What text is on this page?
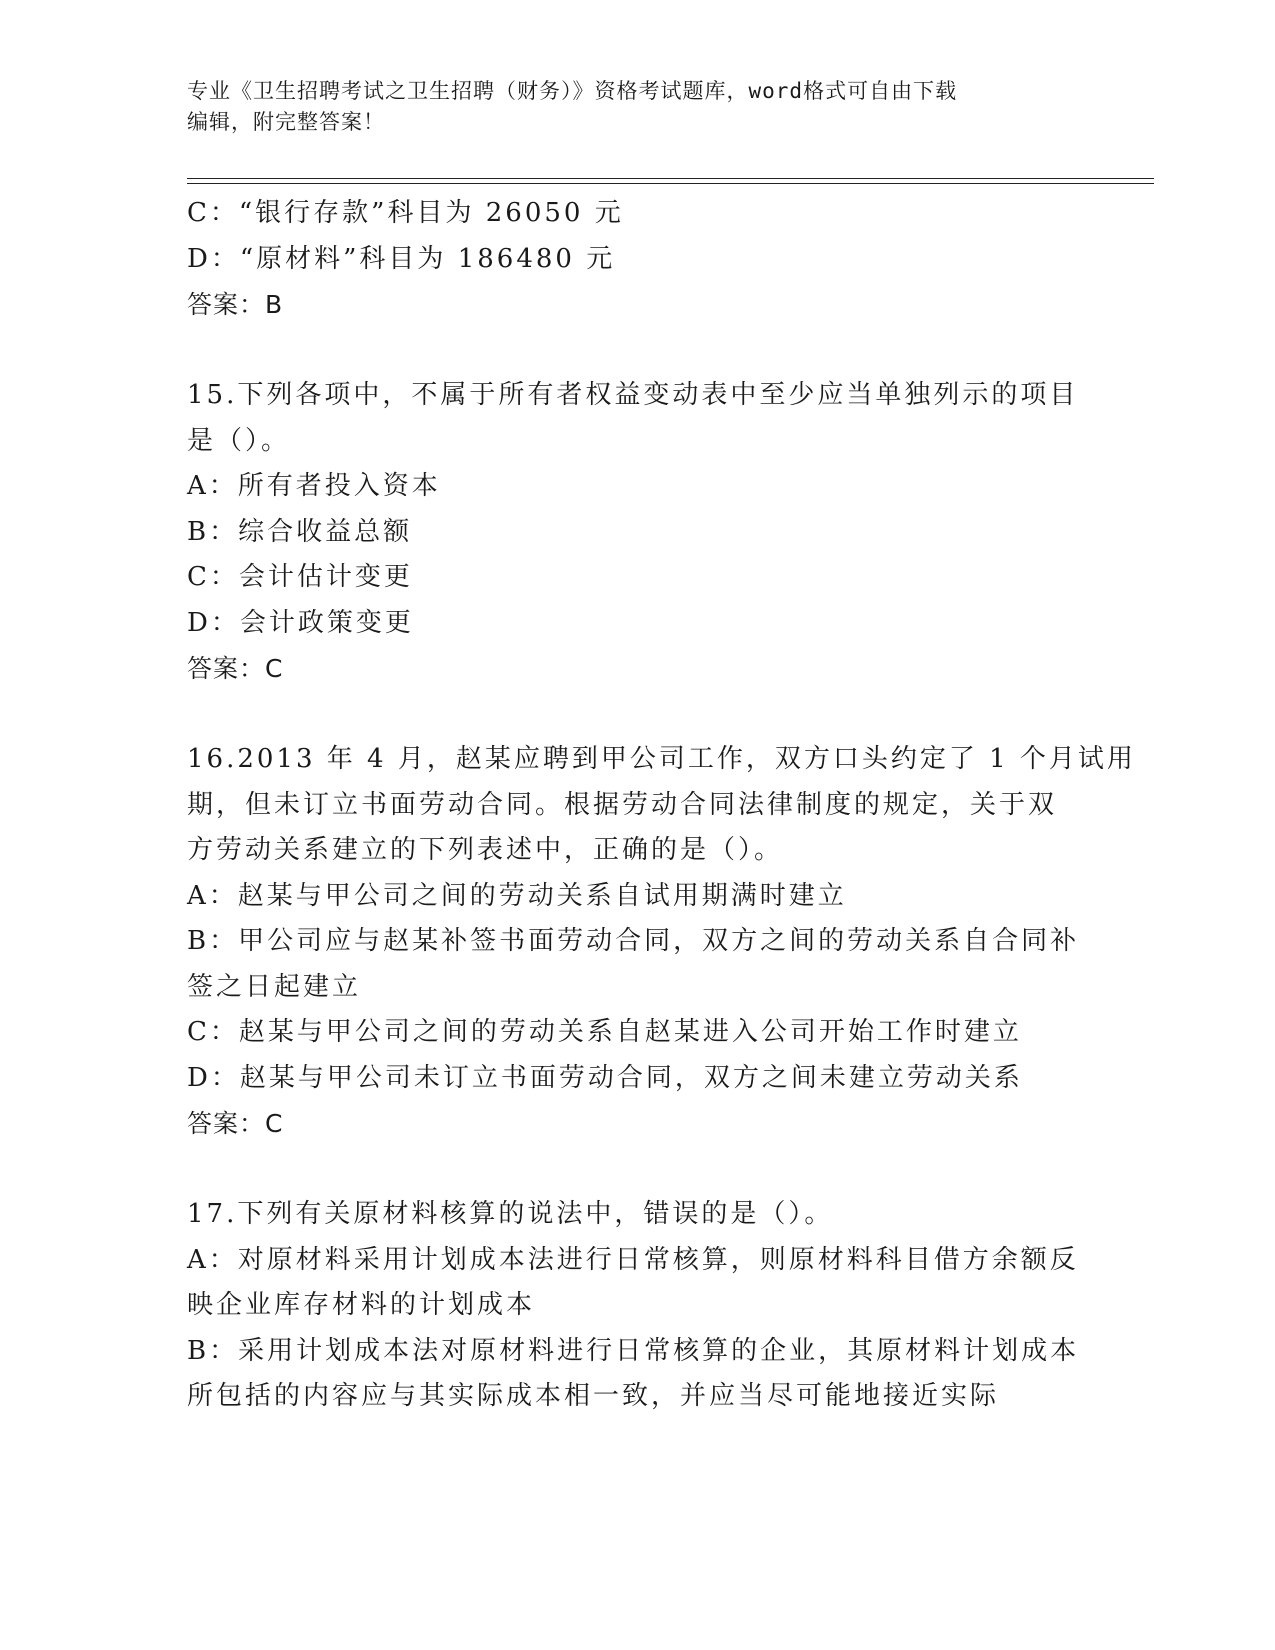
专业《卫生招聘考试之卫生招聘（财务）》资格考试题库，word格式可自由下载

编辑，附完整答案！

C：“银行存款”科目为 26050 元

D：“原材料”科目为 186480 元

答案：B

15.下列各项中，不属于所有者权益变动表中至少应当单独列示的项目

是（）。

A：所有者投入资本

B：综合收益总额

C：会计估计变更

D：会计政策变更

答案：C

16.2013 年 4 月，赵某应聘到甲公司工作，双方口头约定了 1 个月试用

期，但未订立书面劳动合同。根据劳动合同法律制度的规定，关于双

方劳动关系建立的下列表述中，正确的是（）。

A：赵某与甲公司之间的劳动关系自试用期满时建立

B：甲公司应与赵某补签书面劳动合同，双方之间的劳动关系自合同补

签之日起建立

C：赵某与甲公司之间的劳动关系自赵某进入公司开始工作时建立

D：赵某与甲公司未订立书面劳动合同，双方之间未建立劳动关系

答案：C

17.下列有关原材料核算的说法中，错误的是（）。

A：对原材料采用计划成本法进行日常核算，则原材料科目借方余额反

映企业库存材料的计划成本

B：采用计划成本法对原材料进行日常核算的企业，其原材料计划成本

所包括的内容应与其实际成本相一致，并应当尽可能地接近实际
